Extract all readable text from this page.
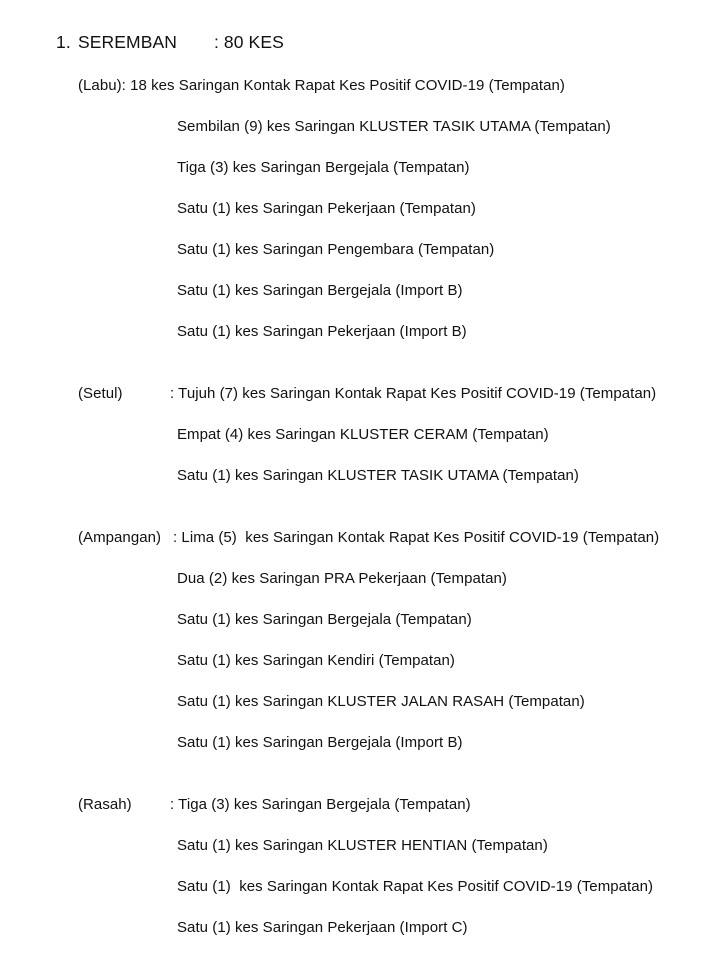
1. SEREMBAN : 80 KES
(Labu): 18 kes Saringan Kontak Rapat Kes Positif COVID-19 (Tempatan)
Sembilan (9) kes Saringan KLUSTER TASIK UTAMA (Tempatan)
Tiga (3) kes Saringan Bergejala (Tempatan)
Satu (1) kes Saringan Pekerjaan (Tempatan)
Satu (1) kes Saringan Pengembara (Tempatan)
Satu (1) kes Saringan Bergejala (Import B)
Satu (1) kes Saringan Pekerjaan (Import B)
(Setul)	: Tujuh (7) kes Saringan Kontak Rapat Kes Positif COVID-19 (Tempatan)
Empat (4) kes Saringan KLUSTER CERAM (Tempatan)
Satu (1) kes Saringan KLUSTER TASIK UTAMA (Tempatan)
(Ampangan) : Lima (5)  kes Saringan Kontak Rapat Kes Positif COVID-19 (Tempatan)
Dua (2) kes Saringan PRA Pekerjaan (Tempatan)
Satu (1) kes Saringan Bergejala (Tempatan)
Satu (1) kes Saringan Kendiri (Tempatan)
Satu (1) kes Saringan KLUSTER JALAN RASAH (Tempatan)
Satu (1) kes Saringan Bergejala (Import B)
(Rasah)	: Tiga (3) kes Saringan Bergejala (Tempatan)
Satu (1) kes Saringan KLUSTER HENTIAN (Tempatan)
Satu (1)  kes Saringan Kontak Rapat Kes Positif COVID-19 (Tempatan)
Satu (1) kes Saringan Pekerjaan (Import C)
